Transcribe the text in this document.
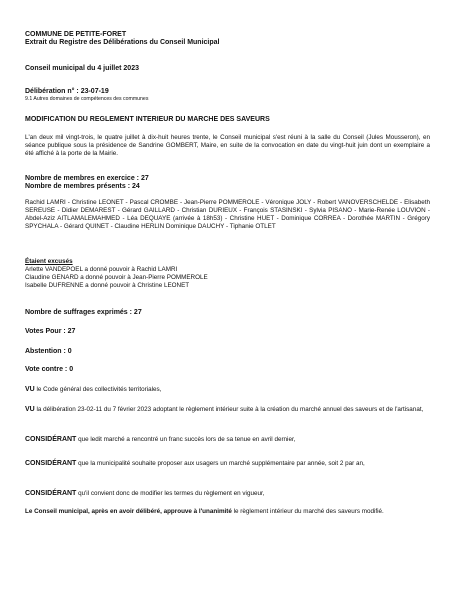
COMMUNE DE PETITE-FORET
Extrait du Registre des Délibérations du Conseil Municipal
Conseil municipal du 4 juillet 2023
Délibération n° : 23-07-19
9.1 Autres domaines de compétences des communes
MODIFICATION DU REGLEMENT INTERIEUR DU MARCHE DES SAVEURS
L'an deux mil vingt-trois, le quatre juillet à dix-huit heures trente, le Conseil municipal s'est réuni à la salle du Conseil (Jules Mousseron), en séance publique sous la présidence de Sandrine GOMBERT, Maire, en suite de la convocation en date du vingt-huit juin dont un exemplaire a été affiché à la porte de la Mairie.
Nombre de membres en exercice : 27
Nombre de membres présents : 24
Rachid LAMRI - Christine LEONET - Pascal CROMBE - Jean-Pierre POMMEROLE - Véronique JOLY - Robert VANOVERSCHELDE - Elisabeth SEREUSE - Didier DEMAREST - Gérard GAILLARD - Christian DURIEUX - François STASINSKI - Sylvia PISANO - Marie-Renée LOUVION - Abdel-Aziz AITLAMALEMAHMED - Léa DEQUAYE (arrivée à 18h53) - Christine HUET - Dominique CORREA - Dorothée MARTIN - Grégory SPYCHALA - Gérard QUINET - Claudine HERLIN Dominique DAUCHY - Tiphanie OTLET
Étaient excusés
Arlette VANDEPOEL a donné pouvoir à Rachid LAMRI
Claudine GENARD a donné pouvoir à Jean-Pierre POMMEROLE
Isabelle DUFRENNE a donné pouvoir à Christine LEONET
Nombre de suffrages exprimés : 27
Votes Pour : 27
Abstention : 0
Vote contre : 0
VU le Code général des collectivités territoriales,
VU la délibération 23-02-11 du 7 février 2023 adoptant le règlement intérieur suite à la création du marché annuel des saveurs et de l'artisanat,
CONSIDÉRANT que ledit marché a rencontré un franc succès lors de sa tenue en avril dernier,
CONSIDÉRANT que la municipalité souhaite proposer aux usagers un marché supplémentaire par année, soit 2 par an,
CONSIDÉRANT qu'il convient donc de modifier les termes du règlement en vigueur,
Le Conseil municipal, après en avoir délibéré, approuve à l'unanimité le règlement intérieur du marché des saveurs modifié.
